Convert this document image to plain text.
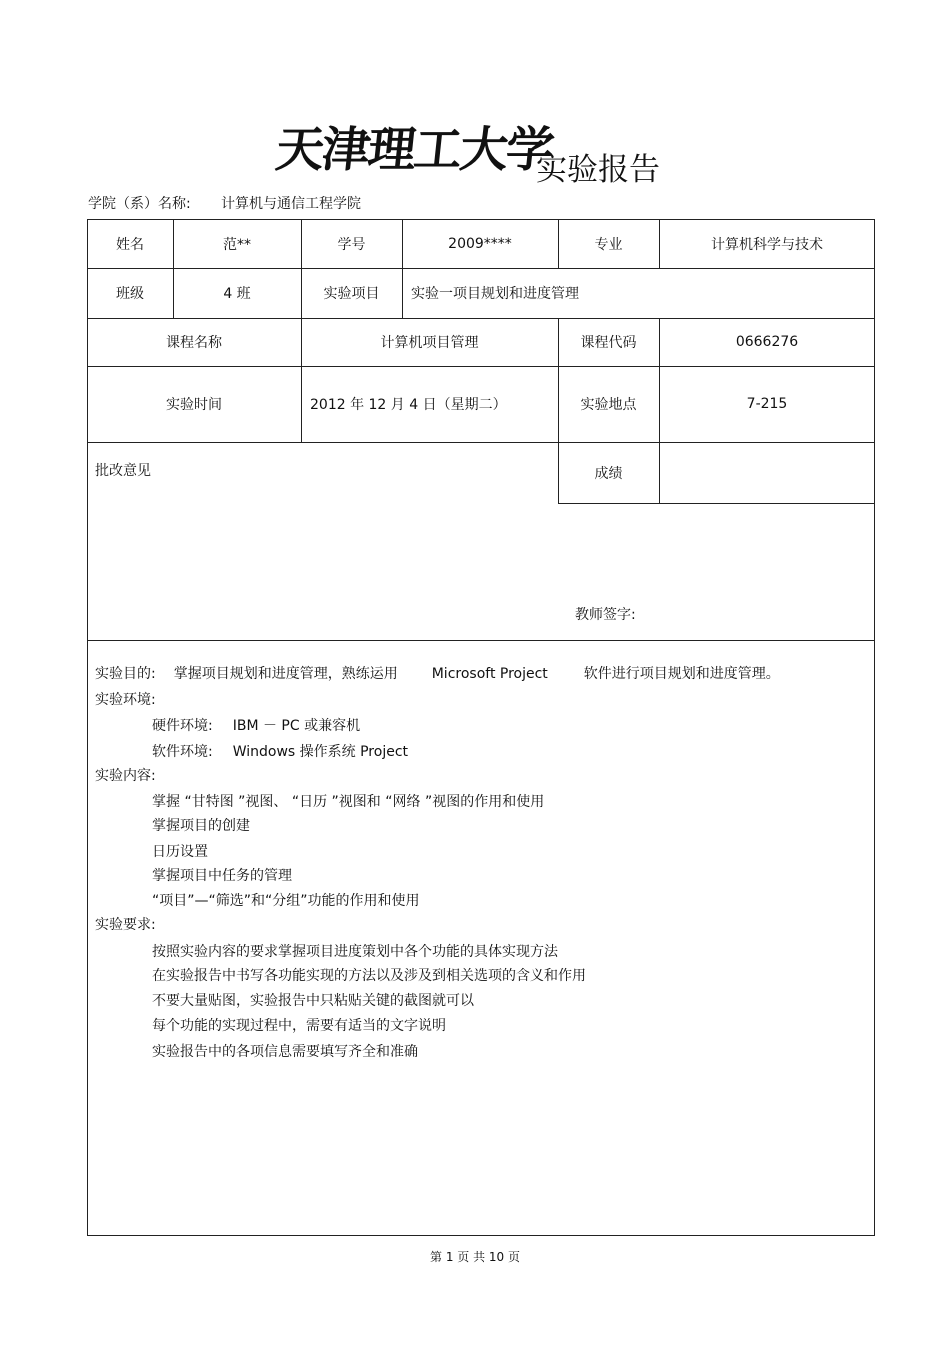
天津理工大学
实验报告
学院（系）名称: 计算机与通信工程学院
姓名	范**	学号	2009****	专业	计算机科学与技术
班级	4 班	实验项目	实验一项目规划和进度管理
课程名称	计算机项目管理	课程代码	0666276
实验时间	2012 年 12 月 4 日（星期二）	实验地点	7-215
批改意见	成绩
教师签字:
实验目的: 掌握项目规划和进度管理，熟练运用 Microsoft Project	软件进行项目规划和进度管理。
实验环境:
硬件环境: IBM － PC 或兼容机
软件环境: Windows 操作系统 Project
实验内容:
掌握 “甘特图 ”视图、 “日历 ”视图和 “网络 ”视图的作用和使用
掌握项目的创建
日历设置
掌握项目中任务的管理
“项目”—“筛选”和“分组”功能的作用和使用
实验要求:
按照实验内容的要求掌握项目进度策划中各个功能的具体实现方法
在实验报告中书写各功能实现的方法以及涉及到相关选项的含义和作用
不要大量贴图，实验报告中只粘贴关键的截图就可以
每个功能的实现过程中，需要有适当的文字说明
实验报告中的各项信息需要填写齐全和准确
第 1 页 共 10 页
